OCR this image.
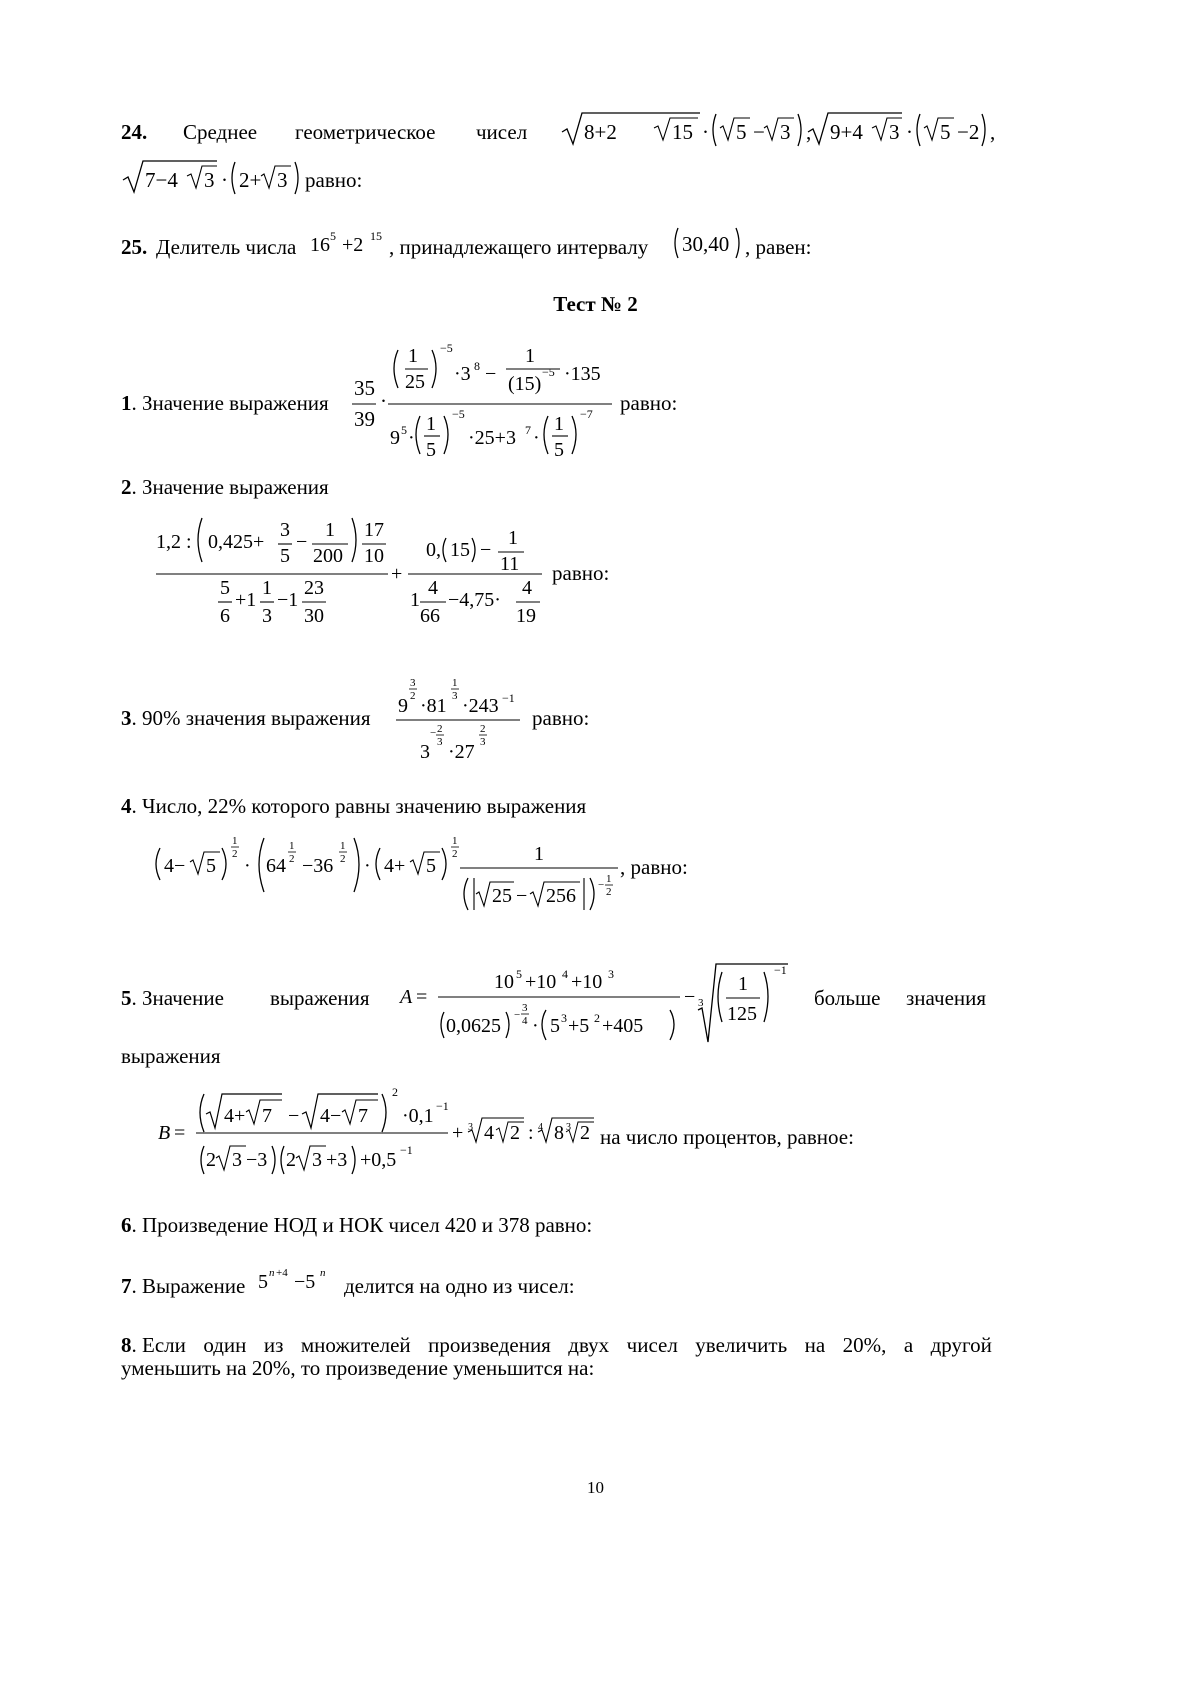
24. Среднее геометрическое чисел	8+2	15 · 5 − 3 , 9+4 3 · 5 −2 ,
7−4 3 · 2+ 3 равно:
25. Делитель числа 16 5 +2 15 , принадлежащего интервалу 30,40 , равен:
Тест № 2
1. Значение выражения
35
39
·
1
25
−5
·3 8 −
1
(15)
−5 ·135
9 5 ·
1
5
−5
·25+3 7 ·
1
5
−7 равно:
2. Значение выражения
1,2 : 0,425+
3
5
−
1
200
17
10
5
6
+1
1
3
−1
23
30
+
0, 15 −
1
11
1
4
66
−4,75·
4
19
равно:
3. 90% значения выражения 9
3
2 ·81
1
3 ·243 −1
3
− 2
3 ·27
2
3
равно:
4. Число, 22% которого равны значению выражения
4− 5
1
2
· 64
1
2 −36
1
2 · 4+ 5
1
2	1
25 − 256 − 1
2
, равно:
5. Значение выражения A =
10 5 +10 4 +10 3
0,0625 −
3
4 · 5 3 +5 2 +405
− 3
1
125
−1
больше значения
выражения
B =
4+ 7 − 4− 7
2
·0,1 −1
2 3 −3 2 3 +3 +0,5 −1
+ 3 4 2 : 4 8 3 2 на число процентов, равное:
6. Произведение НОД и НОК чисел 420 и 378 равно:
7. Выражение 5 n +4 −5 n
делится на одно из чисел:
8. Если один из множителей произведения двух чисел увеличить на 20%, а другой
уменьшить на 20%, то произведение уменьшится на:
10
